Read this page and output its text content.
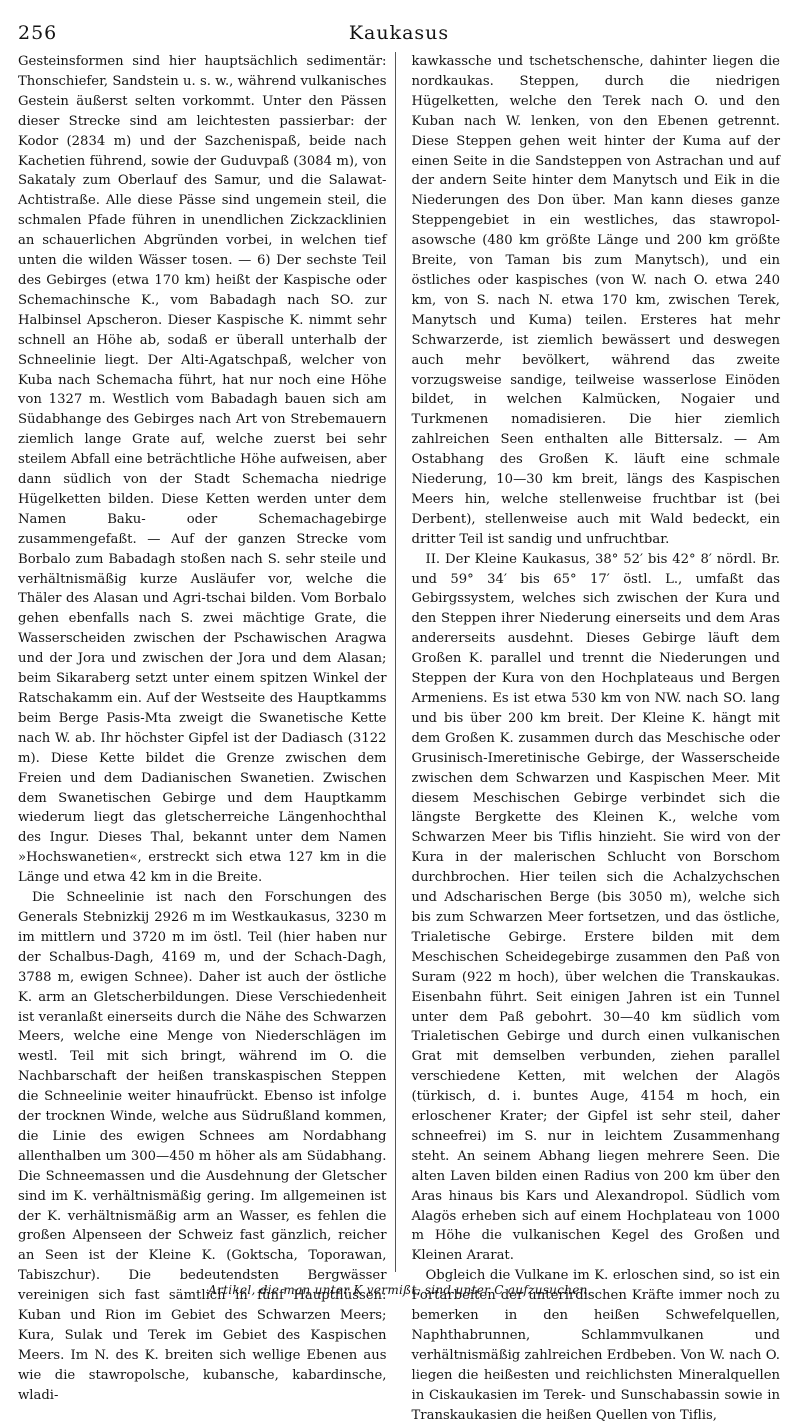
256	Kaukasus

Gesteinsformen sind hier hauptsächlich sedimentär: Thonschiefer, Sandstein u. s. w., während vulkanisches Gestein äußerst selten vorkommt. Unter den Pässen dieser Strecke sind am leichtesten passierbar: der Kodor (2834 m) und der Sazchenispaß, beide nach Kachetien führend, sowie der Guduvpaß (3084 m), von Sakataly zum Oberlauf des Samur, und die Salawat-Achtistraße. Alle diese Pässe sind ungemein steil, die schmalen Pfade führen in unendlichen Zickzacklinien an schauerlichen Abgründen vorbei, in welchen tief unten die wilden Wässer tosen. — 6) Der sechste Teil des Gebirges (etwa 170 km) heißt der Kaspische oder Schemachinsche K., vom Babadagh nach SO. zur Halbinsel Apscheron. Dieser Kaspische K. nimmt sehr schnell an Höhe ab, sodaß er überall unterhalb der Schneelinie liegt. Der Alti-Agatschpaß, welcher von Kuba nach Schemacha führt, hat nur noch eine Höhe von 1327 m. Westlich vom Babadagh bauen sich am Südabhange des Gebirges nach Art von Strebemauern ziemlich lange Grate auf, welche zuerst bei sehr steilem Abfall eine beträchtliche Höhe aufweisen, aber dann südlich von der Stadt Schemacha niedrige Hügelketten bilden. Diese Ketten werden unter dem Namen Baku- oder Schemachagebirge zusammengefaßt. — Auf der ganzen Strecke vom Borbalo zum Babadagh stoßen nach S. sehr steile und verhältnismäßig kurze Ausläufer vor, welche die Thäler des Alasan und Agri-tschai bilden. Vom Borbalo gehen ebenfalls nach S. zwei mächtige Grate, die Wasserscheiden zwischen der Pschawischen Aragwa und der Jora und zwischen der Jora und dem Alasan; beim Sikaraberg setzt unter einem spitzen Winkel der Ratschakamm ein. Auf der Westseite des Hauptkamms beim Berge Pasis-Mta zweigt die Swanetische Kette nach W. ab. Ihr höchster Gipfel ist der Dadiasch (3122 m). Diese Kette bildet die Grenze zwischen dem Freien und dem Dadianischen Swanetien. Zwischen dem Swanetischen Gebirge und dem Hauptkamm wiederum liegt das gletscherreiche Längenhochthal des Ingur. Dieses Thal, bekannt unter dem Namen »Hochswanetien«, erstreckt sich etwa 127 km in die Länge und etwa 42 km in die Breite.

Die Schneelinie ist nach den Forschungen des Generals Stebnizkij 2926 m im Westkaukasus, 3230 m im mittlern und 3720 m im östl. Teil (hier haben nur der Schalbus-Dagh, 4169 m, und der Schach-Dagh, 3788 m, ewigen Schnee). Daher ist auch der östliche K. arm an Gletscherbildungen. Diese Verschiedenheit ist veranlaßt einerseits durch die Nähe des Schwarzen Meers, welche eine Menge von Niederschlägen im westl. Teil mit sich bringt, während im O. die Nachbarschaft der heißen transkaspischen Steppen die Schneelinie weiter hinaufrückt. Ebenso ist infolge der trocknen Winde, welche aus Südrußland kommen, die Linie des ewigen Schnees am Nordabhang allenthalben um 300—450 m höher als am Südabhang. Die Schneemassen und die Ausdehnung der Gletscher sind im K. verhältnismäßig gering. Im allgemeinen ist der K. verhältnismäßig arm an Wasser, es fehlen die großen Alpenseen der Schweiz fast gänzlich, reicher an Seen ist der Kleine K. (Goktscha, Toporawan, Tabiszchur). Die bedeutendsten Bergwässer vereinigen sich fast sämtlich in fünf Hauptflüssen: Kuban und Rion im Gebiet des Schwarzen Meers; Kura, Sulak und Terek im Gebiet des Kaspischen Meers. Im N. des K. breiten sich wellige Ebenen aus wie die stawropolsche, kubansche, kabardinsche, wladi-

kawkassche und tschetschensche, dahinter liegen die nordkaukas. Steppen, durch die niedrigen Hügelketten, welche den Terek nach O. und den Kuban nach W. lenken, von den Ebenen getrennt. Diese Steppen gehen weit hinter der Kuma auf der einen Seite in die Sandsteppen von Astrachan und auf der andern Seite hinter dem Manytsch und Eik in die Niederungen des Don über. Man kann dieses ganze Steppengebiet in ein westliches, das stawropol-asowsche (480 km größte Länge und 200 km größte Breite, von Taman bis zum Manytsch), und ein östliches oder kaspisches (von W. nach O. etwa 240 km, von S. nach N. etwa 170 km, zwischen Terek, Manytsch und Kuma) teilen. Ersteres hat mehr Schwarzerde, ist ziemlich bewässert und deswegen auch mehr bevölkert, während das zweite vorzugsweise sandige, teilweise wasserlose Einöden bildet, in welchen Kalmücken, Nogaier und Turkmenen nomadisieren. Die hier ziemlich zahlreichen Seen enthalten alle Bittersalz. — Am Ostabhang des Großen K. läuft eine schmale Niederung, 10—30 km breit, längs des Kaspischen Meers hin, welche stellenweise fruchtbar ist (bei Derbent), stellenweise auch mit Wald bedeckt, ein dritter Teil ist sandig und unfruchtbar.

II. Der Kleine Kaukasus, 38° 52′ bis 42° 8′ nördl. Br. und 59° 34′ bis 65° 17′ östl. L., umfaßt das Gebirgssystem, welches sich zwischen der Kura und den Steppen ihrer Niederung einerseits und dem Aras andererseits ausdehnt. Dieses Gebirge läuft dem Großen K. parallel und trennt die Niederungen und Steppen der Kura von den Hochplateaus und Bergen Armeniens. Es ist etwa 530 km von NW. nach SO. lang und bis über 200 km breit. Der Kleine K. hängt mit dem Großen K. zusammen durch das Meschische oder Grusinisch-Imeretinische Gebirge, der Wasserscheide zwischen dem Schwarzen und Kaspischen Meer. Mit diesem Meschischen Gebirge verbindet sich die längste Bergkette des Kleinen K., welche vom Schwarzen Meer bis Tiflis hinzieht. Sie wird von der Kura in der malerischen Schlucht von Borschom durchbrochen. Hier teilen sich die Achalzychschen und Adscharischen Berge (bis 3050 m), welche sich bis zum Schwarzen Meer fortsetzen, und das östliche, Trialetische Gebirge. Erstere bilden mit dem Meschischen Scheidegebirge zusammen den Paß von Suram (922 m hoch), über welchen die Transkaukas. Eisenbahn führt. Seit einigen Jahren ist ein Tunnel unter dem Paß gebohrt. 30—40 km südlich vom Trialetischen Gebirge und durch einen vulkanischen Grat mit demselben verbunden, ziehen parallel verschiedene Ketten, mit welchen der Alagös (türkisch, d. i. buntes Auge, 4154 m hoch, ein erloschener Krater; der Gipfel ist sehr steil, daher schneefrei) im S. nur in leichtem Zusammenhang steht. An seinem Abhang liegen mehrere Seen. Die alten Laven bilden einen Radius von 200 km über den Aras hinaus bis Kars und Alexandropol. Südlich vom Alagös erheben sich auf einem Hochplateau von 1000 m Höhe die vulkanischen Kegel des Großen und Kleinen Ararat.

Obgleich die Vulkane im K. erloschen sind, so ist ein Fortarbeiten der unterirdischen Kräfte immer noch zu bemerken in den heißen Schwefelquellen, Naphthabrunnen, Schlammvulkanen und verhältnismäßig zahlreichen Erdbeben. Von W. nach O. liegen die heißesten und reichlichsten Mineralquellen in Ciskaukasien im Terek- und Sunschabassin sowie in Transkaukasien die heißen Quellen von Tiflis,

Artikel, die man unter K vermißt, sind unter C aufzusuchen.
